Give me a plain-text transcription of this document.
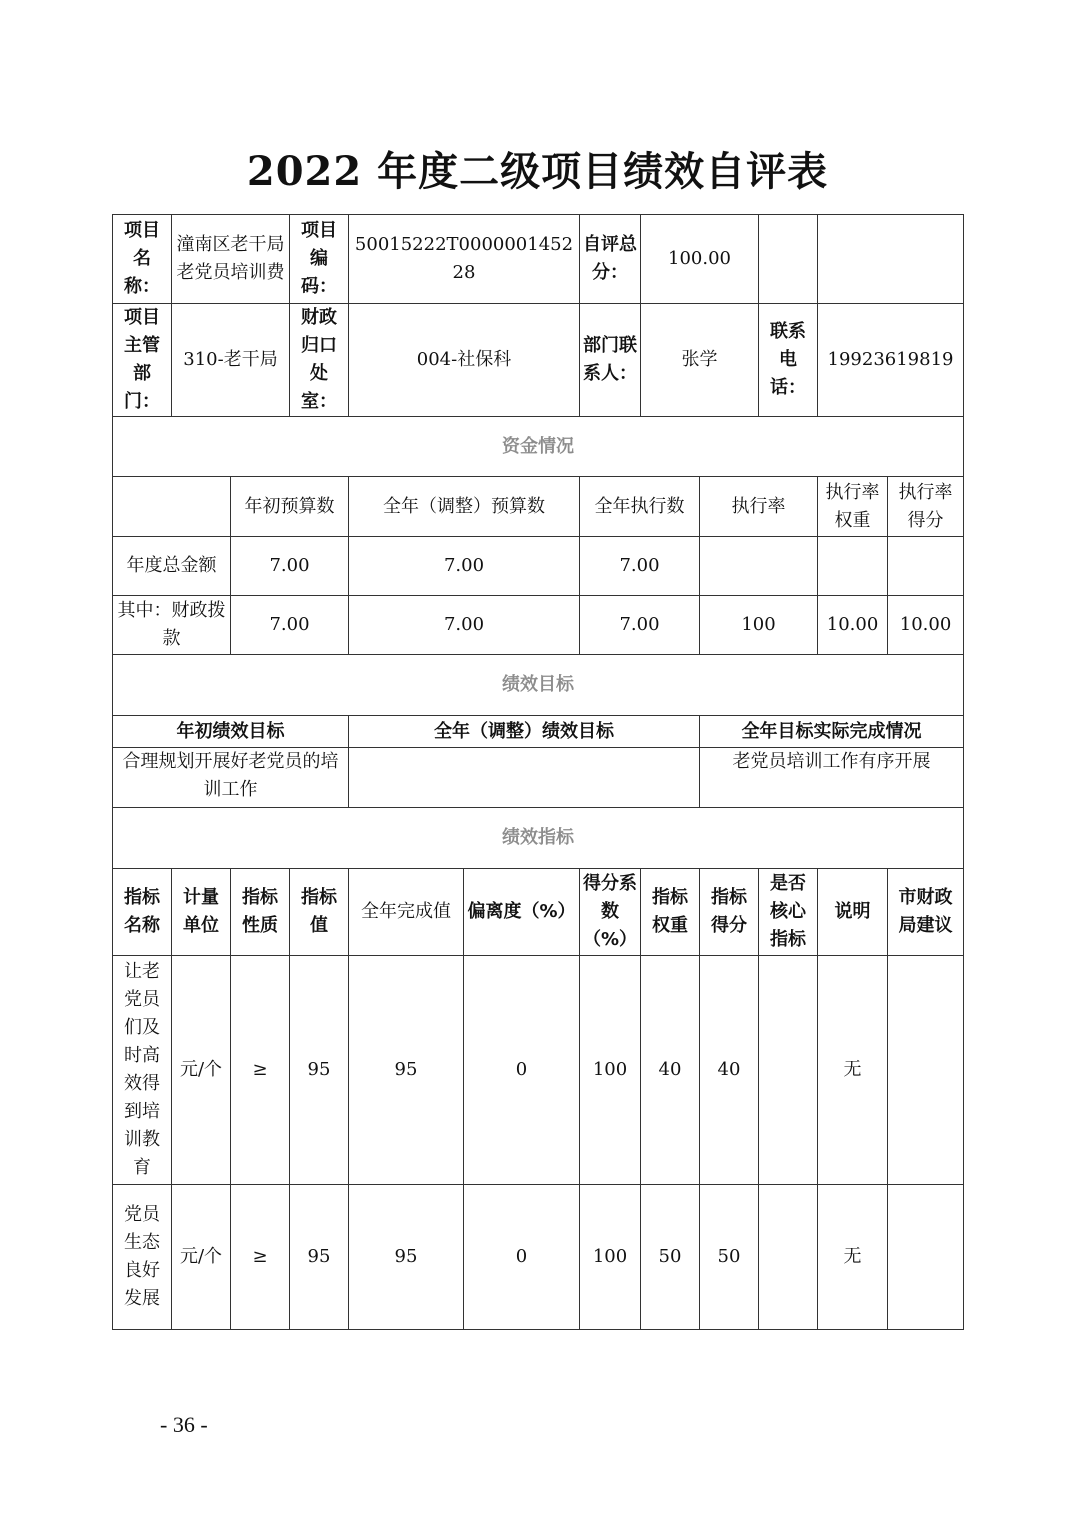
2022 年度二级项目绩效自评表
项目名称：	潼南区老干局老党员培训费		项目编码：	500152​22T000000145228		自评总分：	100.00				
项目主管部门：	310-老干局		财政归口处室：	004-社保科		部门联系人：	张学		联系电话：	19923619819	
资金情况											
		年初预算数		全年（调整）预算数		全年执行数		执行率		执行率权重	执行率得分
年度总金额		7.00		7.00		7.00					
其中：财政拨款		7.00		7.00		7.00		100		10.00	10.00
绩效目标											
年初绩效目标				全年（调整）绩效目标				全年目标实际完成情况			
合理规划开展好老党员的培训工作								老党员培训工作有序开展			
绩效指标											
指标名称	计量单位	指标性质	指标值	全年完成值	偏离度（%）	得分系数（%）	指标权重	指标得分	是否核心指标	说明	市财政局建议
让老党员们及时高效得到培训教育	元/个	≥	95	95	0	100	40	40		无	
党员生态良好发展	元/个	≥	95	95	0	100	50	50		无	
- 36 -
